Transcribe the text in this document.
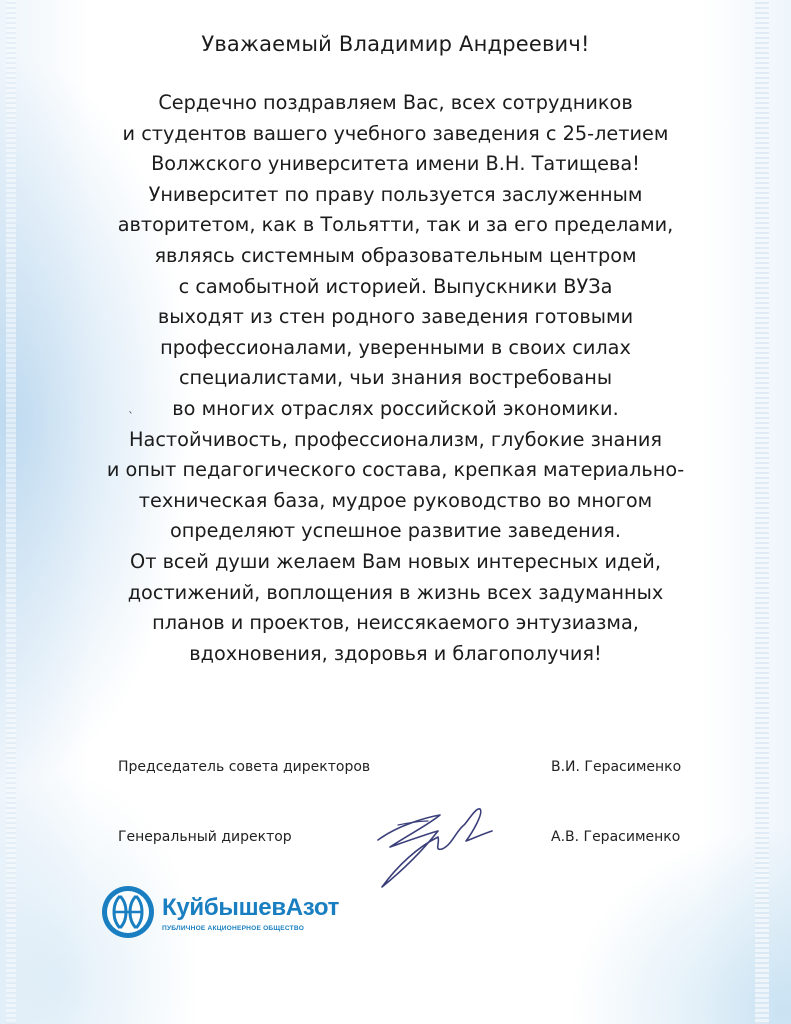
Уважаемый Владимир Андреевич!
Сердечно поздравляем Вас, всех сотрудников
и студентов вашего учебного заведения с 25-летием
Волжского университета имени В.Н. Татищева!
Университет по праву пользуется заслуженным
авторитетом, как в Тольятти, так и за его пределами,
являясь системным образовательным центром
с самобытной историей. Выпускники ВУЗа
выходят из стен родного заведения готовыми
профессионалами, уверенными в своих силах
специалистами, чьи знания востребованы
во многих отраслях российской экономики.
Настойчивость, профессионализм, глубокие знания
и опыт педагогического состава, крепкая материально-
техническая база, мудрое руководство во многом
определяют успешное развитие заведения.
От всей души желаем Вам новых интересных идей,
достижений, воплощения в жизнь всех задуманных
планов и проектов, неиссякаемого энтузиазма,
вдохновения, здоровья и благополучия!
`
Председатель совета директоров	В.И. Герасименко
Генеральный директор	А.В. Герасименко
КуйбышевАзот
ПУБЛИЧНОЕ АКЦИОНЕРНОЕ ОБЩЕСТВО
